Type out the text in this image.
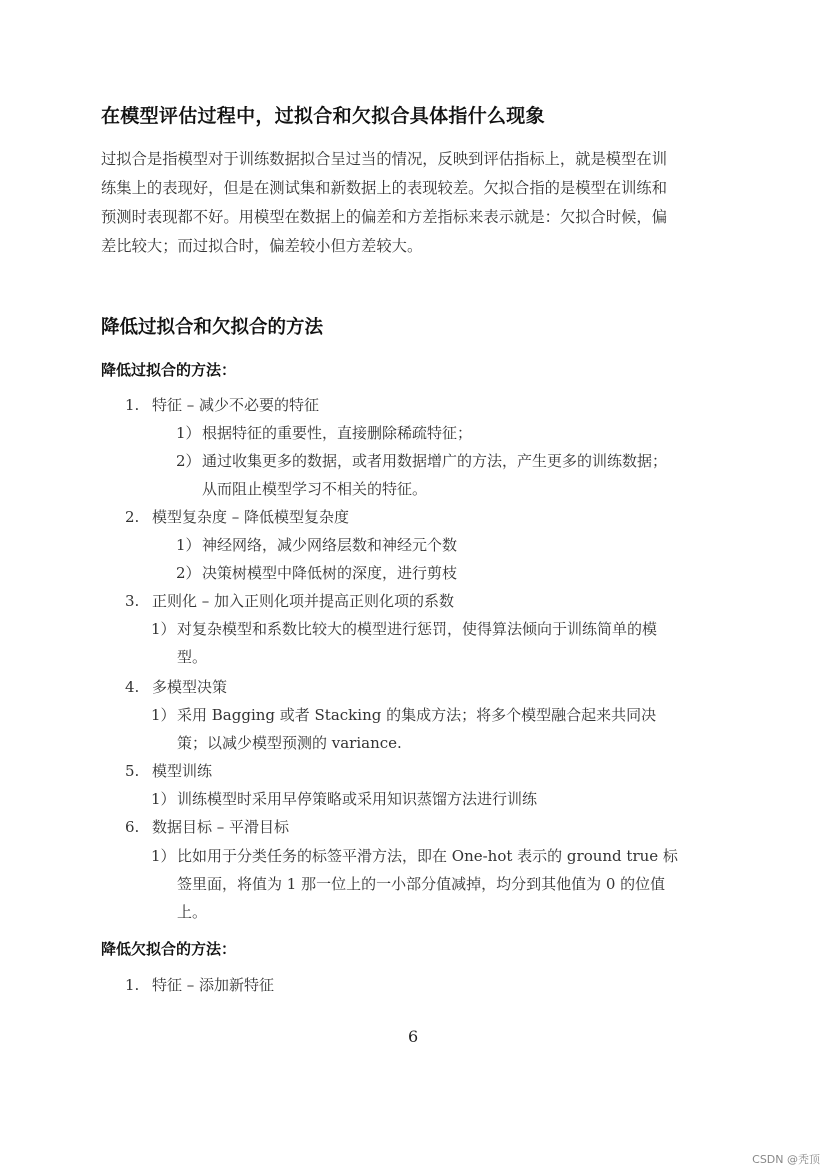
在模型评估过程中，过拟合和欠拟合具体指什么现象
过拟合是指模型对于训练数据拟合呈过当的情况，反映到评估指标上，就是模型在训
练集上的表现好，但是在测试集和新数据上的表现较差。欠拟合指的是模型在训练和
预测时表现都不好。用模型在数据上的偏差和方差指标来表示就是：欠拟合时候，偏
差比较大；而过拟合时，偏差较小但方差较大。
降低过拟合和欠拟合的方法
降低过拟合的方法：
1. 特征 – 减少不必要的特征
1）根据特征的重要性，直接删除稀疏特征；
2）通过收集更多的数据，或者用数据增广的方法，产生更多的训练数据；
从而阻止模型学习不相关的特征。
2. 模型复杂度 – 降低模型复杂度
1）神经网络，减少网络层数和神经元个数
2）决策树模型中降低树的深度，进行剪枝
3. 正则化 – 加入正则化项并提高正则化项的系数
1）对复杂模型和系数比较大的模型进行惩罚，使得算法倾向于训练简单的模
型。
4. 多模型决策
1）采用 Bagging 或者 Stacking 的集成方法；将多个模型融合起来共同决
策；以减少模型预测的 variance.
5. 模型训练
1）训练模型时采用早停策略或采用知识蒸馏方法进行训练
6. 数据目标 – 平滑目标
1）比如用于分类任务的标签平滑方法，即在 One-hot 表示的 ground true 标
签里面，将值为 1 那一位上的一小部分值减掉，均分到其他值为 0 的位值
上。
降低欠拟合的方法：
1. 特征 – 添加新特征
6
CSDN @秃顶
